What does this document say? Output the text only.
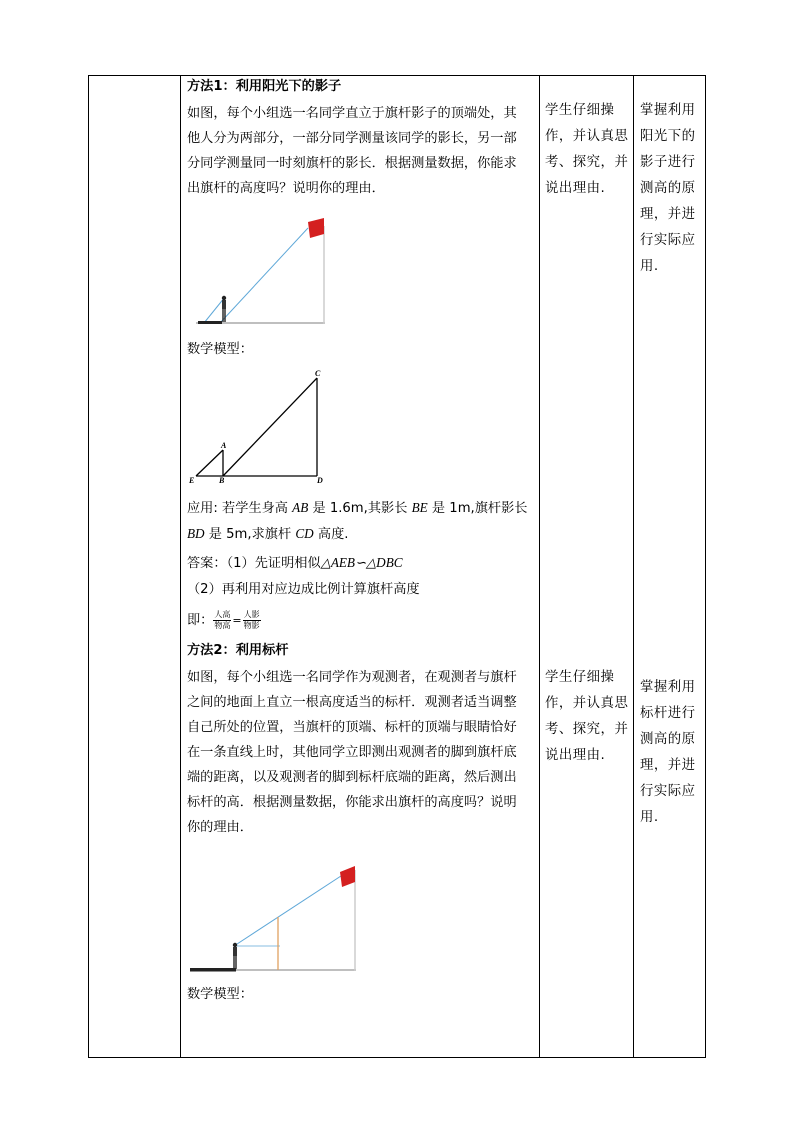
方法1：利用阳光下的影子
如图，每个小组选一名同学直立于旗杆影子的顶端处，其
他人分为两部分，一部分同学测量该同学的影长，另一部
分同学测量同一时刻旗杆的影长．根据测量数据，你能求
出旗杆的高度吗？说明你的理由．
数学模型：
C
A
E	B	D
应用: 若学生身高 AB 是 1.6m,其影长 BE 是 1m,旗杆影长
BD 是 5m,求旗杆 CD 高度.
答案：（1）先证明相似△AEB∽△DBC
（2）再利用对应边成比例计算旗杆高度
即： $\frac{\text{人高}}{\text{物高}} = \frac{\text{人影}}{\text{物影}}$
方法2：利用标杆
如图，每个小组选一名同学作为观测者，在观测者与旗杆
之间的地面上直立一根高度适当的标杆．观测者适当调整
自己所处的位置，当旗杆的顶端、标杆的顶端与眼睛恰好
在一条直线上时，其他同学立即测出观测者的脚到旗杆底
端的距离，以及观测者的脚到标杆底端的距离，然后测出
标杆的高．根据测量数据，你能求出旗杆的高度吗？说明
你的理由．
数学模型：
学生仔细操
作，并认真思
考、探究，并
说出理由.
掌握利用
阳光下的
影子进行
测高的原
理，并进
行实际应
用.
学生仔细操
作，并认真思
考、探究，并
说出理由.
掌握利用
标杆进行
测高的原
理，并进
行实际应
用.
